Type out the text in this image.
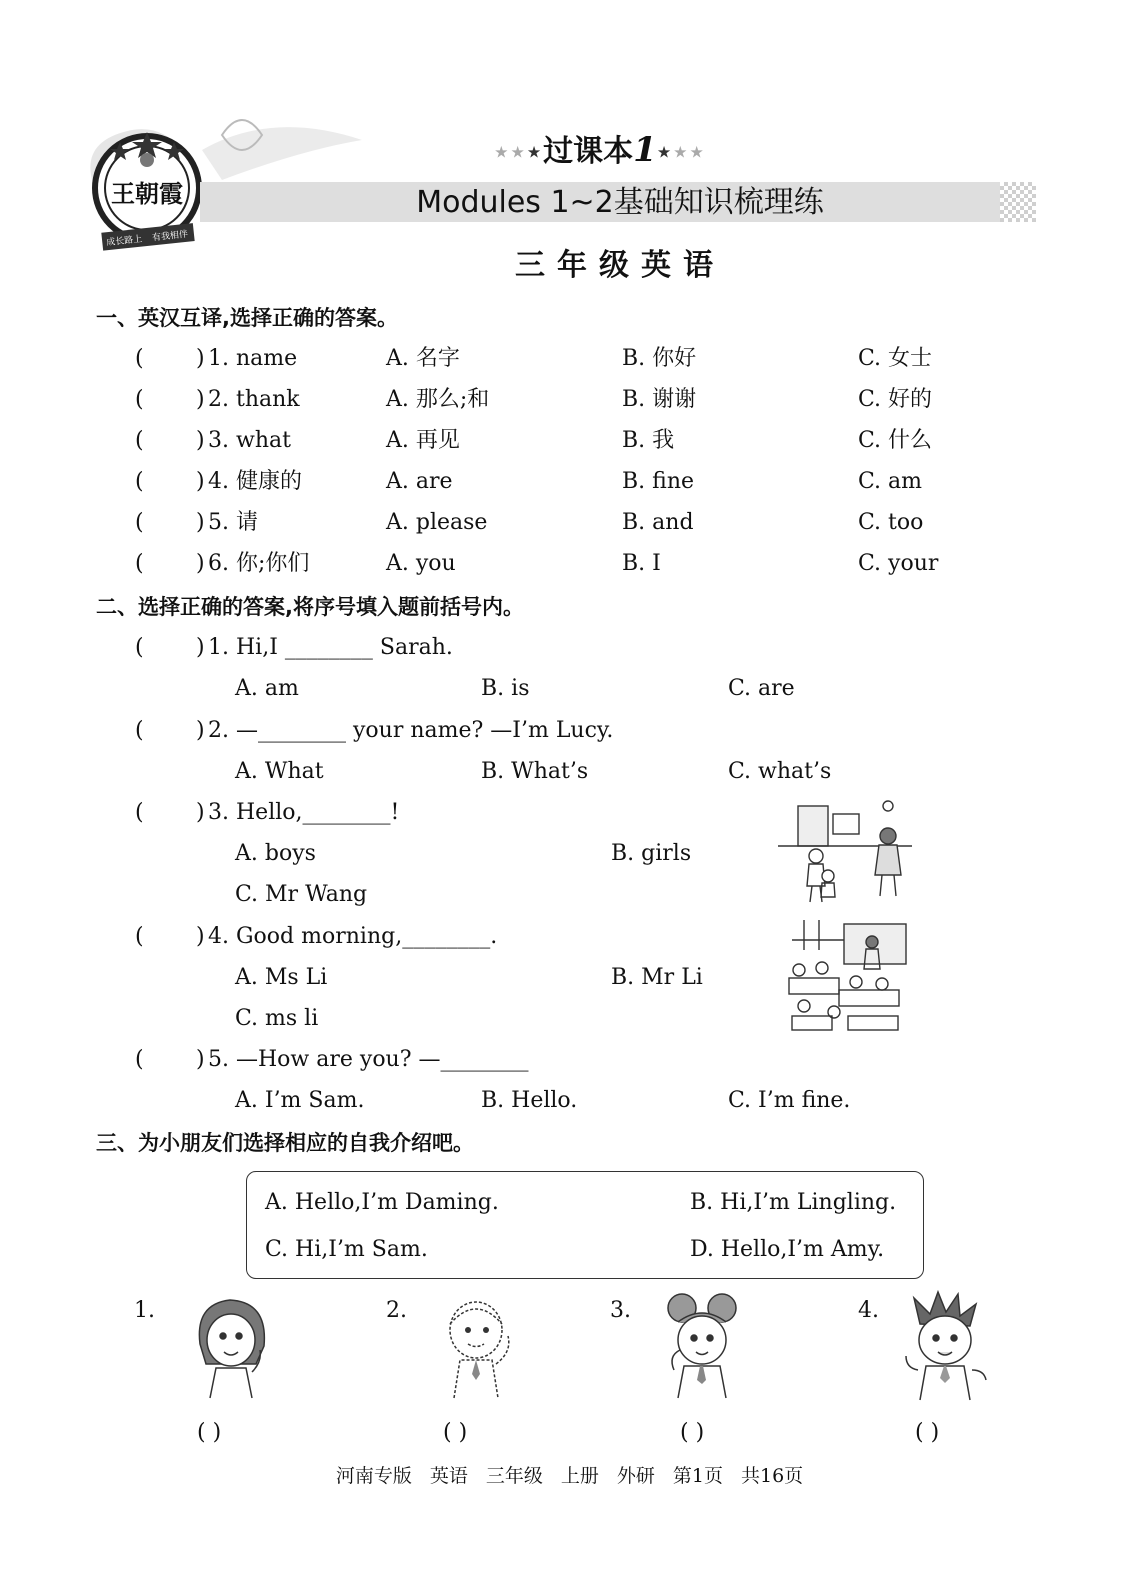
王朝霞
成长路上 有我相伴
★★★过课本1★★★
Modules 1~2基础知识梳理练
三年级英语
一、英汉互译,选择正确的答案。
( ) 1. name	A. 名字	B. 你好	C. 女士
( ) 2. thank	A. 那么;和	B. 谢谢	C. 好的
( ) 3. what	A. 再见	B. 我	C. 什么
( ) 4. 健康的	A. are	B. fine	C. am
( ) 5. 请	A. please	B. and	C. too
( ) 6. 你;你们	A. you	B. I	C. your
二、选择正确的答案,将序号填入题前括号内。
( ) 1. Hi,I ________ Sarah.
A. am	B. is	C. are
( ) 2. —________ your name? —I’m Lucy.
A. What	B. What’s	C. what’s
( ) 3. Hello,________!
A. boys	B. girls
C. Mr Wang
( ) 4. Good morning,________.
A. Ms Li	B. Mr Li
C. ms li
( ) 5. —How are you? —________
A. I’m Sam.	B. Hello.	C. I’m fine.
三、为小朋友们选择相应的自我介绍吧。
A. Hello,I’m Daming.	B. Hi,I’m Lingling.
C. Hi,I’m Sam.	D. Hello,I’m Amy.
1.
( )
2.
( )
3.
( )
4.
( )
河南专版 英语 三年级 上册 外研 第1页 共16页
